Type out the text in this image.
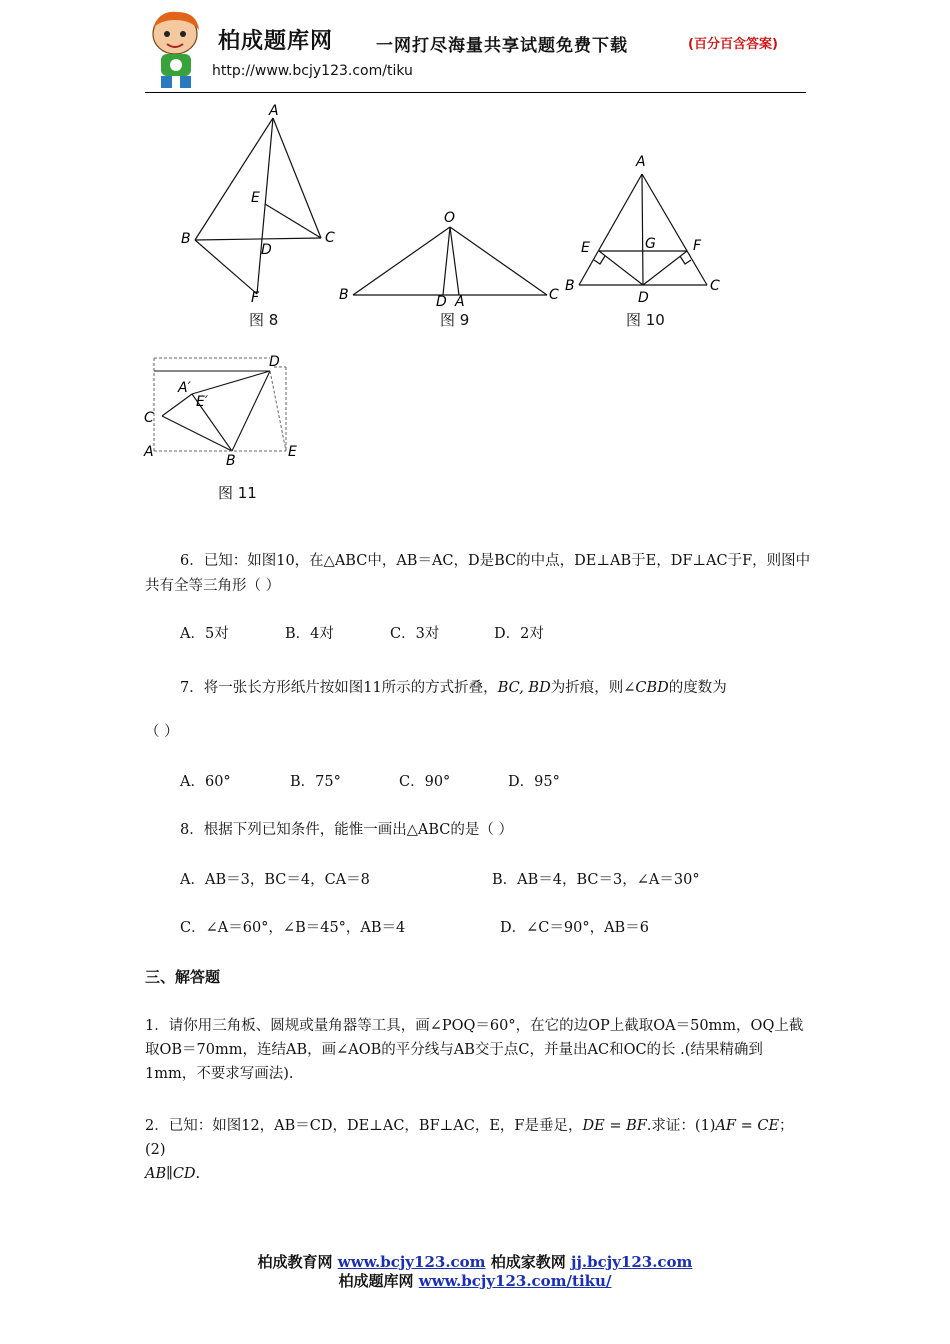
柏成题库网	一网打尽海量共享试题免费下载	(百分百含答案)
http://www.bcjy123.com/tiku
A
E
B
D
C
F
图 8
O
B	D A	C
图 9
A
E	G	F
B
D
C
图 10
D
A′
E′
C
A
B
E
图 11
6．已知：如图10，在△ABC中，AB＝AC，D是BC的中点，DE⊥AB于E，DF⊥AC于F，则图中
共有全等三角形（ ）
A．5对	B．4对	C．3对	D．2对
7．将一张长方形纸片按如图11所示的方式折叠，BC, BD为折痕，则∠CBD的度数为
（ ）
A．60°	B．75°	C．90°	D．95°
8．根据下列已知条件，能惟一画出△ABC的是（ ）
A．AB＝3，BC＝4，CA＝8	B．AB＝4，BC＝3，∠A＝30°
C．∠A＝60°，∠B＝45°，AB＝4	D．∠C＝90°，AB＝6
三、解答题
1．请你用三角板、圆规或量角器等工具，画∠POQ＝60°，在它的边OP上截取OA＝50mm，OQ上截取OB＝70mm，连结AB，画∠AOB的平分线与AB交于点C，并量出AC和OC的长 .(结果精确到1mm，不要求写画法).
2．已知：如图12，AB＝CD，DE⊥AC，BF⊥AC，E，F是垂足，DE = BF.求证：(1)AF = CE；(2)
AB∥CD.
柏成教育网 www.bcjy123.com 柏成家教网 jj.bcjy123.com
柏成题库网 www.bcjy123.com/tiku/
